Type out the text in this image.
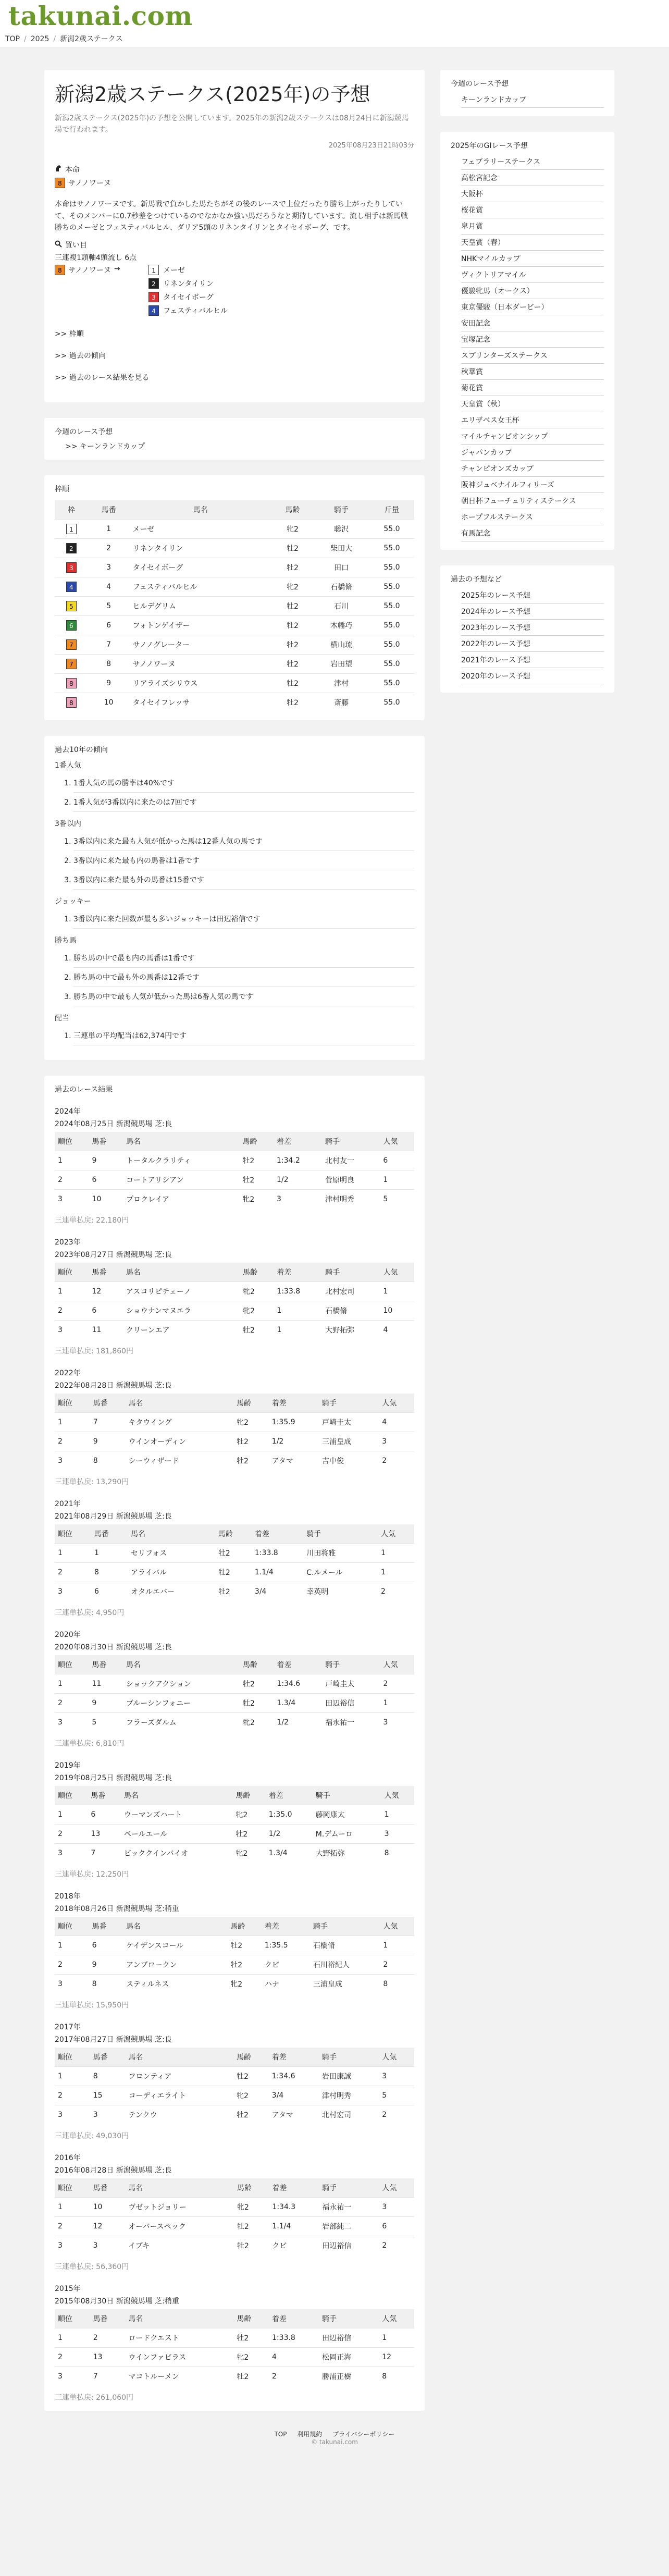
takunai.com
TOP / 2025 / 新潟2歳ステークス
新潟2歳ステークス(2025年)の予想

新潟2歳ステークス(2025年)の予想を公開しています。2025年の新潟2歳ステークスは08月24日に新潟競馬場で行われます。

2025年08月23日21時03分
本命
8 サノノワーヌ
本命はサノノワーヌです。新馬戦で負かした馬たちがその後のレースで上位だったり勝ち上がったりしていて、そのメンバーに0.7秒差をつけているのでなかなか強い馬だろうなと期待しています。流し相手は新馬戦勝ちのメーゼとフェスティバルヒル、ダリア5頭のリネンタイリンとタイセイボーグ、です。
買い目
三連複1頭軸4頭流し 6点
8 サノノワーヌ →	1	メーゼ
2	リネンタイリン
3	タイセイボーグ
4	フェスティバルヒル
>> 枠順
>> 過去の傾向
>> 過去のレース結果を見る
今週のレース予想
>> キーンランドカップ
枠順
枠	馬番	馬名	馬齢	騎手	斤量
1	1	メーゼ	牝2	聡沢	55.0
2	2	リネンタイリン	牡2	柴田大	55.0
3	3	タイセイボーグ	牡2	田口	55.0
4	4	フェスティバルヒル	牝2	石橋脩	55.0
5	5	ヒルデグリム	牡2	石川	55.0
6	6	フォトンゲイザー	牡2	木幡巧	55.0
7	7	サノノグレーター	牡2	横山琉	55.0
7	8	サノノワーヌ	牡2	岩田望	55.0
8	9	リアライズシリウス	牡2	津村	55.0
8	10	タイセイフレッサ	牡2	斎藤	55.0
過去10年の傾向
1番人気
1. 1番人気の馬の勝率は40%です
2. 1番人気が3番以内に来たのは7回です
3番以内
1. 3番以内に来た最も人気が低かった馬は12番人気の馬です
2. 3番以内に来た最も内の馬番は1番です
3. 3番以内に来た最も外の馬番は15番です
ジョッキー
1. 3番以内に来た回数が最も多いジョッキーは田辺裕信です
勝ち馬
1. 勝ち馬の中で最も内の馬番は1番です
2. 勝ち馬の中で最も外の馬番は12番です
3. 勝ち馬の中で最も人気が低かった馬は6番人気の馬です
配当
1. 三連単の平均配当は62,374円です
過去のレース結果
2024年
2024年08月25日 新潟競馬場 芝:良
順位	馬番	馬名	馬齢	着差	騎手	人気
1	9	トータルクラリティ	牡2	1:34.2	北村友一	6
2	6	コートアリシアン	牡2	1/2	菅原明良	1
3	10	プロクレイア	牝2	3	津村明秀	5
三連単払戻: 22,180円
2023年
2023年08月27日 新潟競馬場 芝:良
順位	馬番	馬名	馬齢	着差	騎手	人気
1	12	アスコリピチェーノ	牝2	1:33.8	北村宏司	1
2	6	ショウナンマヌエラ	牝2	1	石橋脩	10
3	11	クリーンエア	牡2	1	大野拓弥	4
三連単払戻: 181,860円
2022年
2022年08月28日 新潟競馬場 芝:良
順位	馬番	馬名	馬齢	着差	騎手	人気
1	7	キタウイング	牝2	1:35.9	戸崎圭太	4
2	9	ウインオーディン	牡2	1/2	三浦皇成	3
3	8	シーウィザード	牡2	アタマ	吉中俊	2
三連単払戻: 13,290円
2021年
2021年08月29日 新潟競馬場 芝:良
順位	馬番	馬名	馬齢	着差	騎手	人気
1	1	セリフォス	牡2	1:33.8	川田将雅	1
2	8	アライバル	牡2	1.1/4	C.ルメール	1
3	6	オタルエバー	牡2	3/4	幸英明	2
三連単払戻: 4,950円
2020年
2020年08月30日 新潟競馬場 芝:良
順位	馬番	馬名	馬齢	着差	騎手	人気
1	11	ショックアクション	牡2	1:34.6	戸崎圭太	2
2	9	ブルーシンフォニー	牡2	1.3/4	田辺裕信	1
3	5	フラーズダルム	牝2	1/2	福永祐一	3
三連単払戻: 6,810円
2019年
2019年08月25日 新潟競馬場 芝:良
順位	馬番	馬名	馬齢	着差	騎手	人気
1	6	ウーマンズハート	牝2	1:35.0	藤岡康太	1
2	13	ペールエール	牡2	1/2	M.デムーロ	3
3	7	ビッククインバイオ	牝2	1.3/4	大野拓弥	8
三連単払戻: 12,250円
2018年
2018年08月26日 新潟競馬場 芝:稍重
順位	馬番	馬名	馬齢	着差	騎手	人気
1	6	ケイデンスコール	牡2	1:35.5	石橋脩	1
2	9	アンブロークン	牡2	クビ	石川裕紀人	2
3	8	スティルネス	牝2	ハナ	三浦皇成	8
三連単払戻: 15,950円
2017年
2017年08月27日 新潟競馬場 芝:良
順位	馬番	馬名	馬齢	着差	騎手	人気
1	8	フロンティア	牡2	1:34.6	岩田康誠	3
2	15	コーディエライト	牝2	3/4	津村明秀	5
3	3	テンクウ	牡2	アタマ	北村宏司	2
三連単払戻: 49,030円
2016年
2016年08月28日 新潟競馬場 芝:良
順位	馬番	馬名	馬齢	着差	騎手	人気
1	10	ヴゼットジョリー	牝2	1:34.3	福永祐一	3
2	12	オーバースペック	牡2	1.1/4	岩部純二	6
3	3	イブキ	牡2	クビ	田辺裕信	2
三連単払戻: 56,360円
2015年
2015年08月30日 新潟競馬場 芝:稍重
順位	馬番	馬名	馬齢	着差	騎手	人気
1	2	ロードクエスト	牡2	1:33.8	田辺裕信	1
2	13	ウインファビラス	牝2	4	松岡正海	12
3	7	マコトルーメン	牡2	2	勝浦正樹	8
三連単払戻: 261,060円
今週のレース予想
キーンランドカップ
2025年のGIレース予想
フェブラリーステークス
高松宮記念
大阪杯
桜花賞
皐月賞
天皇賞（春）
NHKマイルカップ
ヴィクトリアマイル
優駿牝馬（オークス）
東京優駿（日本ダービー）
安田記念
宝塚記念
スプリンターズステークス
秋華賞
菊花賞
天皇賞（秋）
エリザベス女王杯
マイルチャンピオンシップ
ジャパンカップ
チャンピオンズカップ
阪神ジュベナイルフィリーズ
朝日杯フューチュリティステークス
ホープフルステークス
有馬記念
過去の予想など
2025年のレース予想
2024年のレース予想
2023年のレース予想
2022年のレース予想
2021年のレース予想
2020年のレース予想
TOP 利用規約 プライバシーポリシー
© takunai.com
